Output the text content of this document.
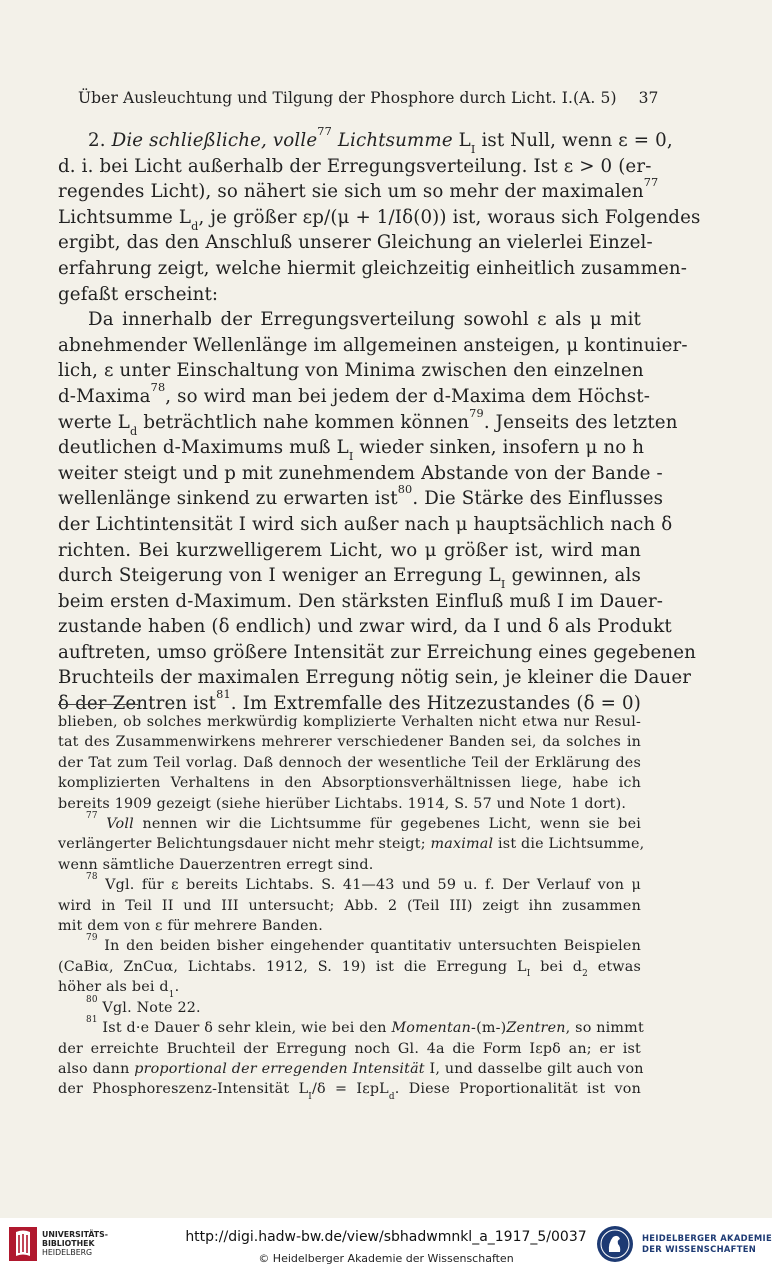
Über Ausleuchtung und Tilgung der Phosphore durch Licht. I. (A. 5) 37

2. Die schließliche, volle$^{77}$ Lichtsumme $L_I$ ist Null, wenn ε = 0,
d. i. bei Licht außerhalb der Erregungsverteilung. Ist ε > 0 (er-
regendes Licht), so nähert sie sich um so mehr der maximalen$^{77}$
Lichtsumme $L_d$, je größer εp/(μ + 1/Iδ(0)) ist, woraus sich Folgendes
ergibt, das den Anschluß unserer Gleichung an vielerlei Einzel-
erfahrung zeigt, welche hiermit gleichzeitig einheitlich zusammen-
gefaßt erscheint:

Da innerhalb der Erregungsverteilung sowohl ε als μ mit
abnehmender Wellenlänge im allgemeinen ansteigen, μ kontinuier-
lich, ε unter Einschaltung von Minima zwischen den einzelnen
d-Maxima$^{78}$, so wird man bei jedem der d-Maxima dem Höchst-
werte $L_d$ beträchtlich nahe kommen können$^{79}$. Jenseits des letzten
deutlichen d-Maximums muß $L_I$ wieder sinken, insofern μ no h
weiter steigt und p mit zunehmendem Abstande von der Bande -
wellenlänge sinkend zu erwarten ist$^{80}$. Die Stärke des Einflusses
der Lichtintensität I wird sich außer nach μ hauptsächlich nach δ
richten. Bei kurzwelligerem Licht, wo μ größer ist, wird man
durch Steigerung von I weniger an Erregung $L_I$ gewinnen, als
beim ersten d-Maximum. Den stärksten Einfluß muß I im Dauer-
zustande haben (δ endlich) und zwar wird, da I und δ als Produkt
auftreten, umso größere Intensität zur Erreichung eines gegebenen
Bruchteils der maximalen Erregung nötig sein, je kleiner die Dauer
δ der Zentren ist$^{81}$. Im Extremfalle des Hitzezustandes (δ = 0)

blieben, ob solches merkwürdig komplizierte Verhalten nicht etwa nur Resul-
tat des Zusammenwirkens mehrerer verschiedener Banden sei, da solches in
der Tat zum Teil vorlag. Daß dennoch der wesentliche Teil der Erklärung des
komplizierten Verhaltens in den Absorptionsverhältnissen liege, habe ich
bereits 1909 gezeigt (siehe hierüber Lichtabs. 1914, S. 57 und Note 1 dort).
$^{77}$ Voll nennen wir die Lichtsumme für gegebenes Licht, wenn sie bei
verlängerter Belichtungsdauer nicht mehr steigt; maximal ist die Lichtsumme,
wenn sämtliche Dauerzentren erregt sind.
$^{78}$ Vgl. für ε bereits Lichtabs. S. 41—43 und 59 u. f. Der Verlauf von μ
wird in Teil II und III untersucht; Abb. 2 (Teil III) zeigt ihn zusammen
mit dem von ε für mehrere Banden.
$^{79}$ In den beiden bisher eingehender quantitativ untersuchten Beispielen
(CaBiα, ZnCuα, Lichtabs. 1912, S. 19) ist die Erregung $L_I$ bei $d_2$ etwas
höher als bei $d_1$.
$^{80}$ Vgl. Note 22.
$^{81}$ Ist d·e Dauer δ sehr klein, wie bei den Momentan-(m-)Zentren, so nimmt
der erreichte Bruchteil der Erregung noch Gl. 4a die Form Iεpδ an; er ist
also dann proportional der erregenden Intensität I, und dasselbe gilt auch von
der Phosphoreszenz-Intensität $L_I/\delta = I\varepsilon pL_d$. Diese Proportionalität ist von
UNIVERSITÄTS-
BIBLIOTHEK
HEIDELBERG
http://digi.hadw-bw.de/view/sbhadwmnkl_a_1917_5/0037
© Heidelberger Akademie der Wissenschaften
HEIDELBERGER AKADEMIE
DER WISSENSCHAFTEN
